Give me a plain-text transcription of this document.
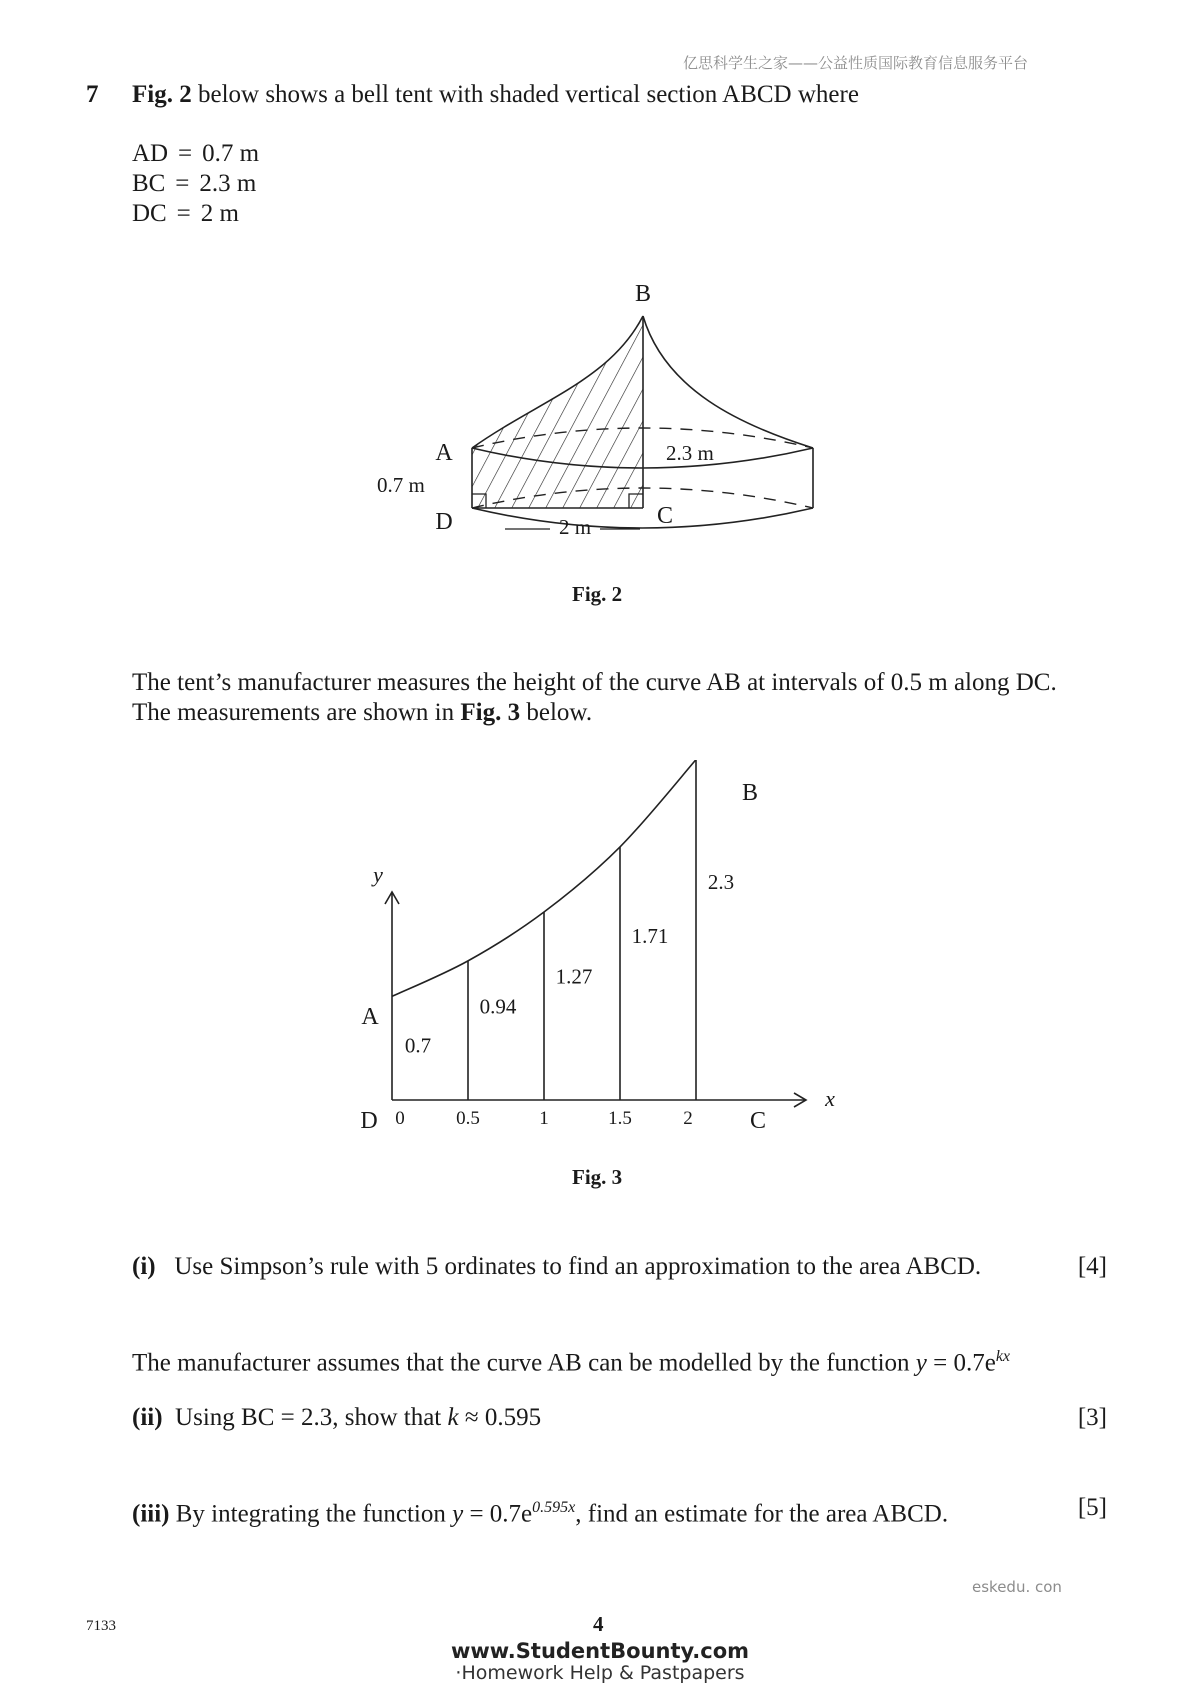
亿思科学生之家——公益性质国际教育信息服务平台
7 Fig. 2 below shows a bell tent with shaded vertical section ABCD where
AD = 0.7 m
BC = 2.3 m
DC = 2 m
B
A
D	C
0.7 m
2.3 m
2 m
Fig. 2
The tent’s manufacturer measures the height of the curve AB at intervals of 0.5 m along DC.
The measurements are shown in Fig. 3 below.
0.7
0.94
1.27
1.71
2.3
0	0.5	1	1.5	2
y
x
A
B
D	C
Fig. 3
(i) Use Simpson’s rule with 5 ordinates to find an approximation to the area ABCD.	[4]
The manufacturer assumes that the curve AB can be modelled by the function $y = 0.7e^{kx}$
(ii) Using BC = 2.3, show that k ≈ 0.595	[3]
(iii) By integrating the function $y = 0.7e^{0.595x}$, find an estimate for the area ABCD.	[5]
eskedu. con
7133	4
www.StudentBounty.com
·Homework Help & Pastpapers
